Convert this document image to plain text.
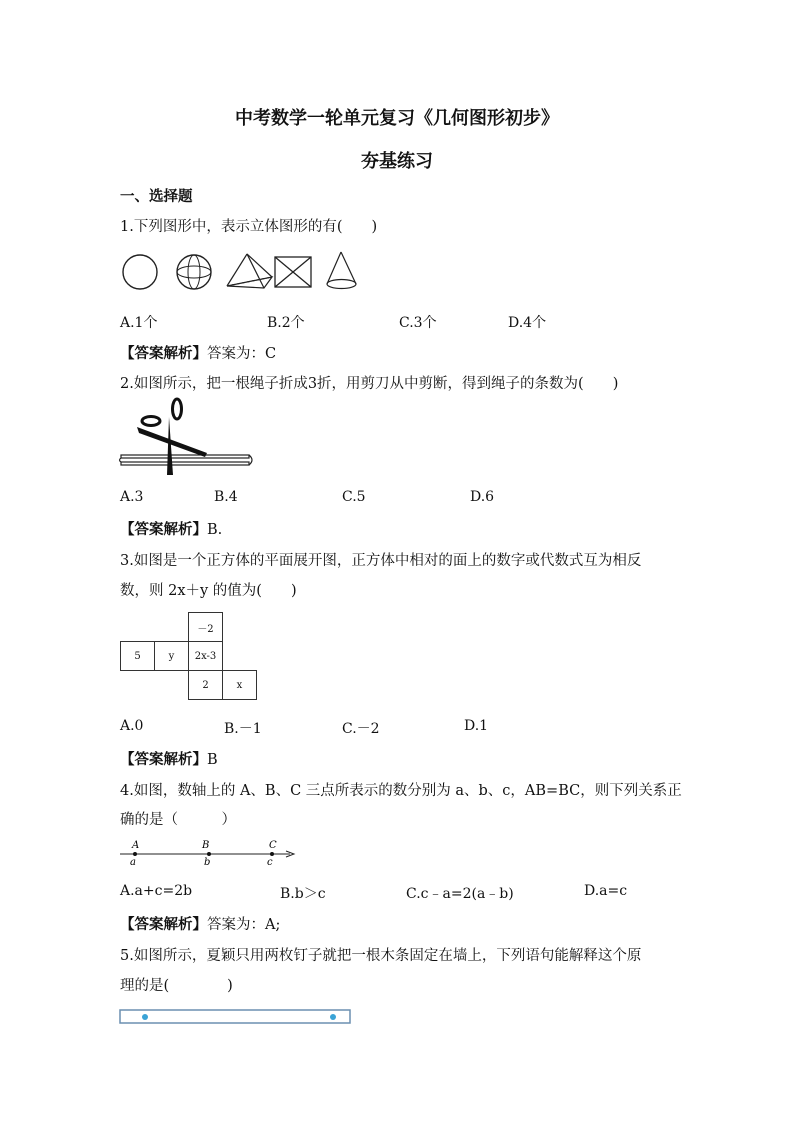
中考数学一轮单元复习《几何图形初步》
夯基练习
一、选择题
1.下列图形中，表示立体图形的有(　　)
A.1个	B.2个	C.3个	D.4个
【答案解析】答案为：C
2.如图所示，把一根绳子折成3折，用剪刀从中剪断，得到绳子的条数为(　　)
A.3	B.4	C.5	D.6
【答案解析】B.
3.如图是一个正方体的平面展开图，正方体中相对的面上的数字或代数式互为相反
数，则 2x＋y 的值为(　　)
		－2	
5	y	2x-3	
		2	x
A.0	B.－1	C.－2	D.1
【答案解析】B
4.如图，数轴上的 A、B、C 三点所表示的数分别为 a、b、c，AB=BC，则下列关系正
确的是（　　　）
A	B	C
a	b	c
A.a+c=2b	B.b＞c	C.c﹣a=2(a﹣b)	D.a=c
【答案解析】答案为：A;
5.如图所示，夏颖只用两枚钉子就把一根木条固定在墙上，下列语句能解释这个原
理的是(　　　　)
